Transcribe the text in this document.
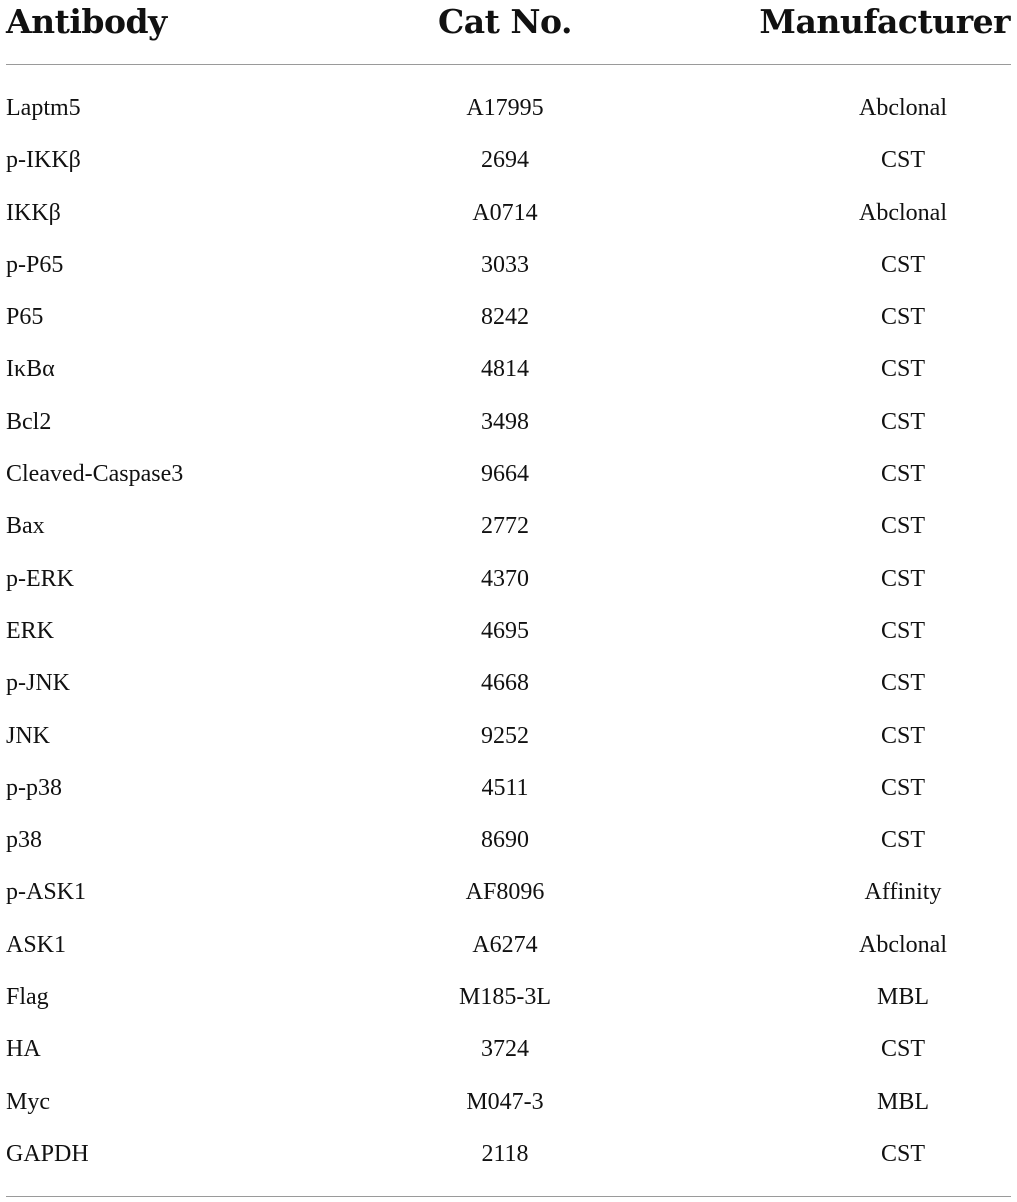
Antibody	Cat No.	Manufacturer
Laptm5	A17995	Abclonal
p-IKKβ	2694	CST
IKKβ	A0714	Abclonal
p-P65	3033	CST
P65	8242	CST
IκBα	4814	CST
Bcl2	3498	CST
Cleaved-Caspase3	9664	CST
Bax	2772	CST
p-ERK	4370	CST
ERK	4695	CST
p-JNK	4668	CST
JNK	9252	CST
p-p38	4511	CST
p38	8690	CST
p-ASK1	AF8096	Affinity
ASK1	A6274	Abclonal
Flag	M185-3L	MBL
HA	3724	CST
Myc	M047-3	MBL
GAPDH	2118	CST
